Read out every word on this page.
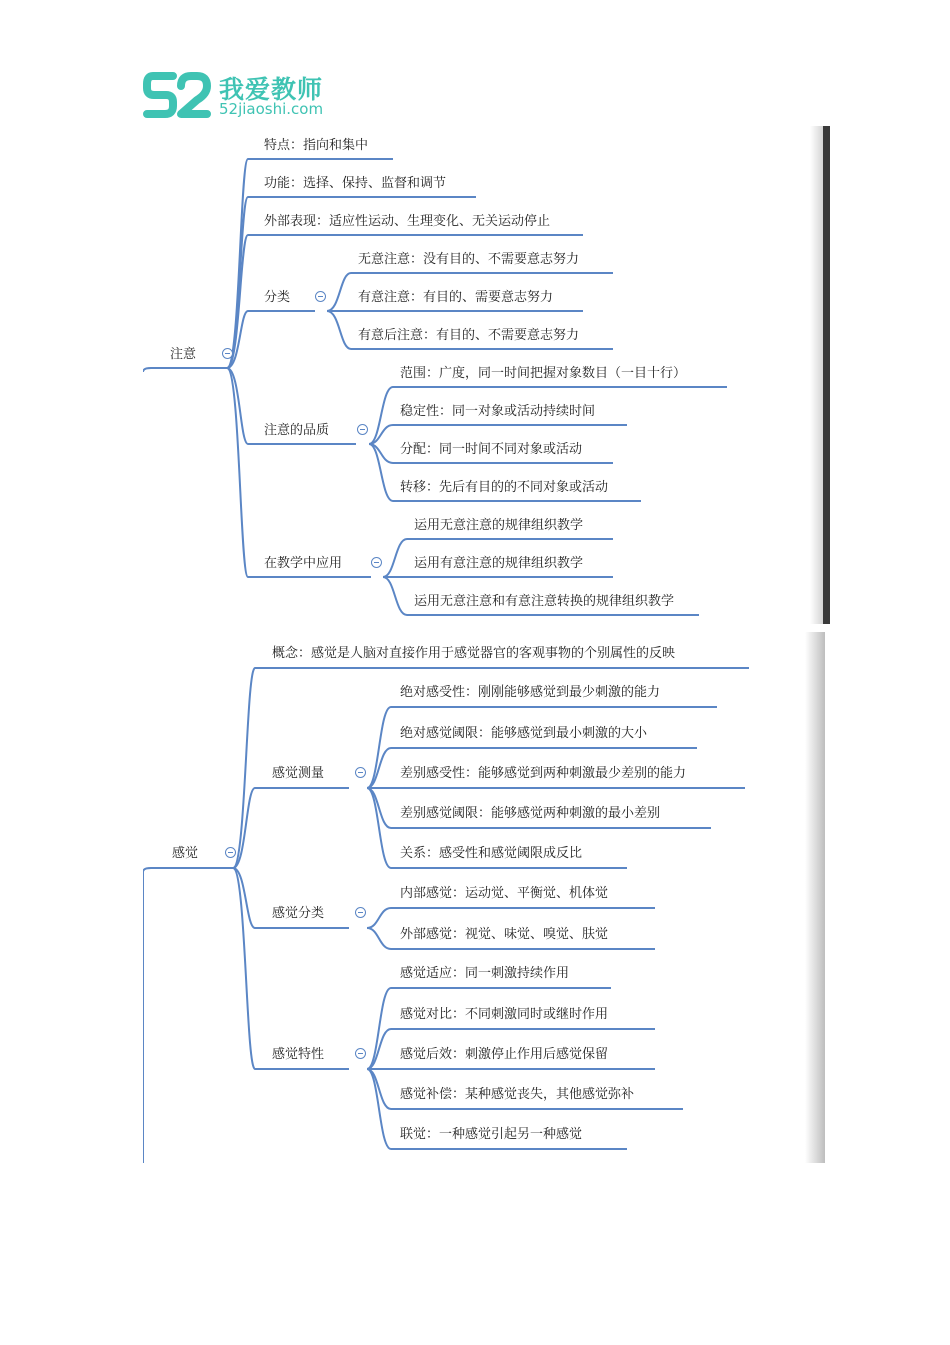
我爱教师
52jiaoshi.com
注意
特点：指向和集中
功能：选择、保持、监督和调节
外部表现：适应性运动、生理变化、无关运动停止
分类
注意的品质
在教学中应用
无意注意：没有目的、不需要意志努力
有意注意：有目的、需要意志努力
有意后注意：有目的、不需要意志努力
范围：广度，同一时间把握对象数目（一目十行）
稳定性：同一对象或活动持续时间
分配：同一时间不同对象或活动
转移：先后有目的的不同对象或活动
运用无意注意的规律组织教学
运用有意注意的规律组织教学
运用无意注意和有意注意转换的规律组织教学
感觉
概念：感觉是人脑对直接作用于感觉器官的客观事物的个别属性的反映
感觉测量
感觉分类
感觉特性
绝对感受性：刚刚能够感觉到最少刺激的能力
绝对感觉阈限：能够感觉到最小刺激的大小
差别感受性：能够感觉到两种刺激最少差别的能力
差别感觉阈限：能够感觉两种刺激的最小差别
关系：感受性和感觉阈限成反比
内部感觉：运动觉、平衡觉、机体觉
外部感觉：视觉、味觉、嗅觉、肤觉
感觉适应：同一刺激持续作用
感觉对比：不同刺激同时或继时作用
感觉后效：刺激停止作用后感觉保留
感觉补偿：某种感觉丧失，其他感觉弥补
联觉：一种感觉引起另一种感觉
